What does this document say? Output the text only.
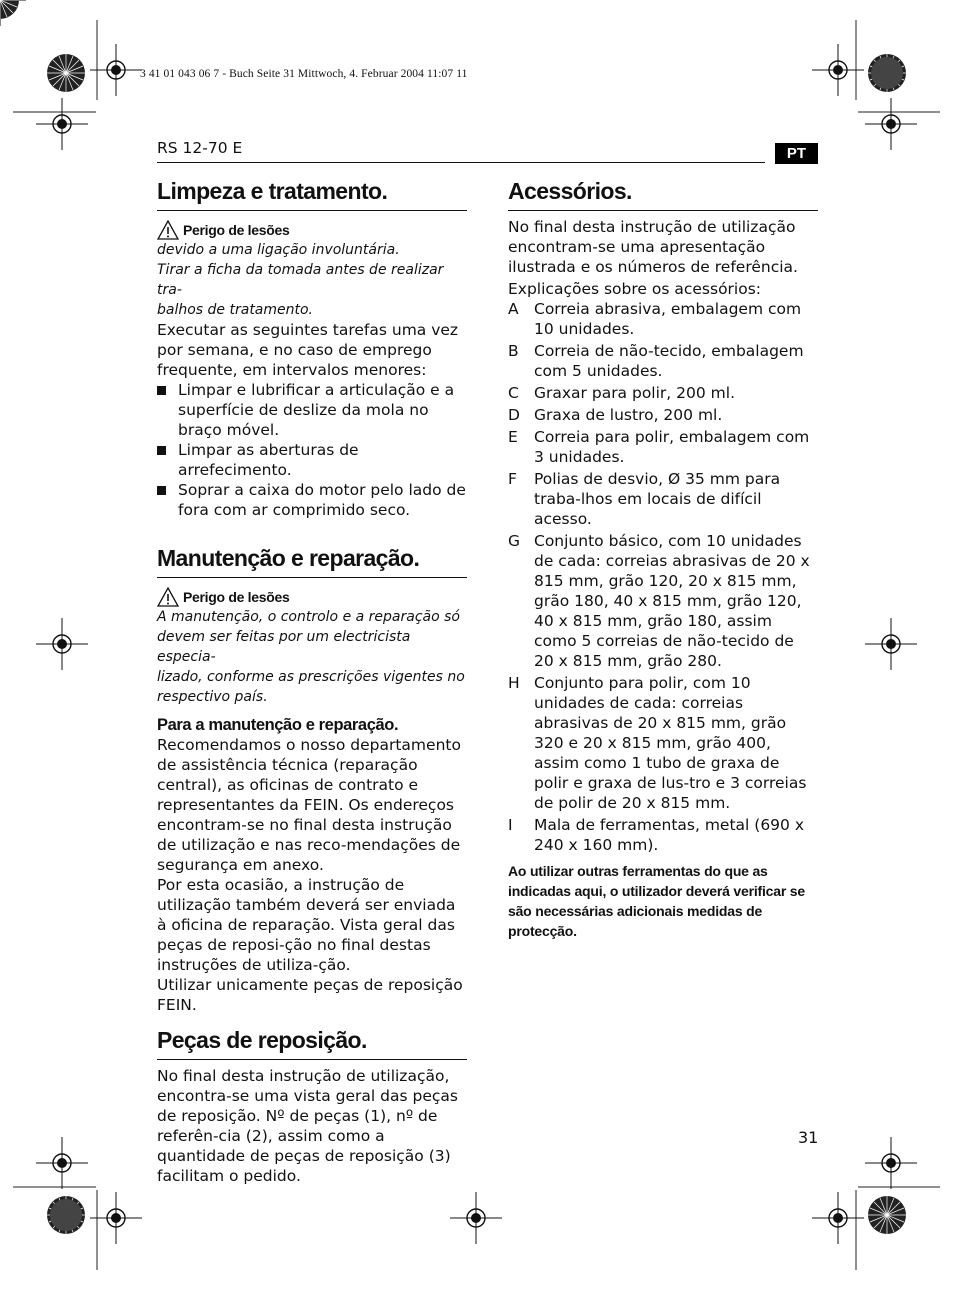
3 41 01 043 06 7 - Buch Seite 31 Mittwoch, 4. Februar 2004 11:07 11
RS 12-70 E	PT
Limpeza e tratamento.
Perigo de lesões

devido a uma ligação involuntária.

Tirar a ficha da tomada antes de realizar tra-

balhos de tratamento.

Executar as seguintes tarefas uma vez por semana, e no caso de emprego frequente, em intervalos menores:

Limpar e lubrificar a articulação e a superfície de deslize da mola no braço móvel.
Limpar as aberturas de arrefecimento.
Soprar a caixa do motor pelo lado de fora com ar comprimido seco.
Manutenção e reparação.
Perigo de lesões

A manutenção, o controlo e a reparação só

devem ser feitas por um electricista especia-

lizado, conforme as prescrições vigentes no

respectivo país.

Para a manutenção e reparação.

Recomendamos o nosso departamento de assistência técnica (reparação central), as oficinas de contrato e representantes da FEIN. Os endereços encontram-se no final desta instrução de utilização e nas reco-mendações de segurança em anexo.

Por esta ocasião, a instrução de utilização também deverá ser enviada à oficina de reparação. Vista geral das peças de reposi-ção no final destas instruções de utiliza-ção.

Utilizar unicamente peças de reposição FEIN.

Peças de reposição.

No final desta instrução de utilização, encontra-se uma vista geral das peças de reposição. Nº de peças (1), nº de referên-cia (2), assim como a quantidade de peças de reposição (3) facilitam o pedido.

Acessórios.

No final desta instrução de utilização encontram-se uma apresentação ilustrada e os números de referência.

Explicações sobre os acessórios:

A Correia abrasiva, embalagem com 10 unidades.
B Correia de não-tecido, embalagem com 5 unidades.
C Graxar para polir, 200 ml.
D Graxa de lustro, 200 ml.
E Correia para polir, embalagem com 3 unidades.
F Polias de desvio, Ø 35 mm para traba-lhos em locais de difícil acesso.
G Conjunto básico, com 10 unidades de cada: correias abrasivas de 20 x 815 mm, grão 120, 20 x 815 mm, grão 180, 40 x 815 mm, grão 120, 40 x 815 mm, grão 180, assim como 5 correias de não-tecido de 20 x 815 mm, grão 280.
H Conjunto para polir, com 10 unidades de cada: correias abrasivas de 20 x 815 mm, grão 320 e 20 x 815 mm, grão 400, assim como 1 tubo de graxa de polir e graxa de lus-tro e 3 correias de polir de 20 x 815 mm.
I Mala de ferramentas, metal (690 x 240 x 160 mm).
Ao utilizar outras ferramentas do que as indicadas aqui, o utilizador deverá verificar se são necessárias adicionais medidas de protecção.
31
